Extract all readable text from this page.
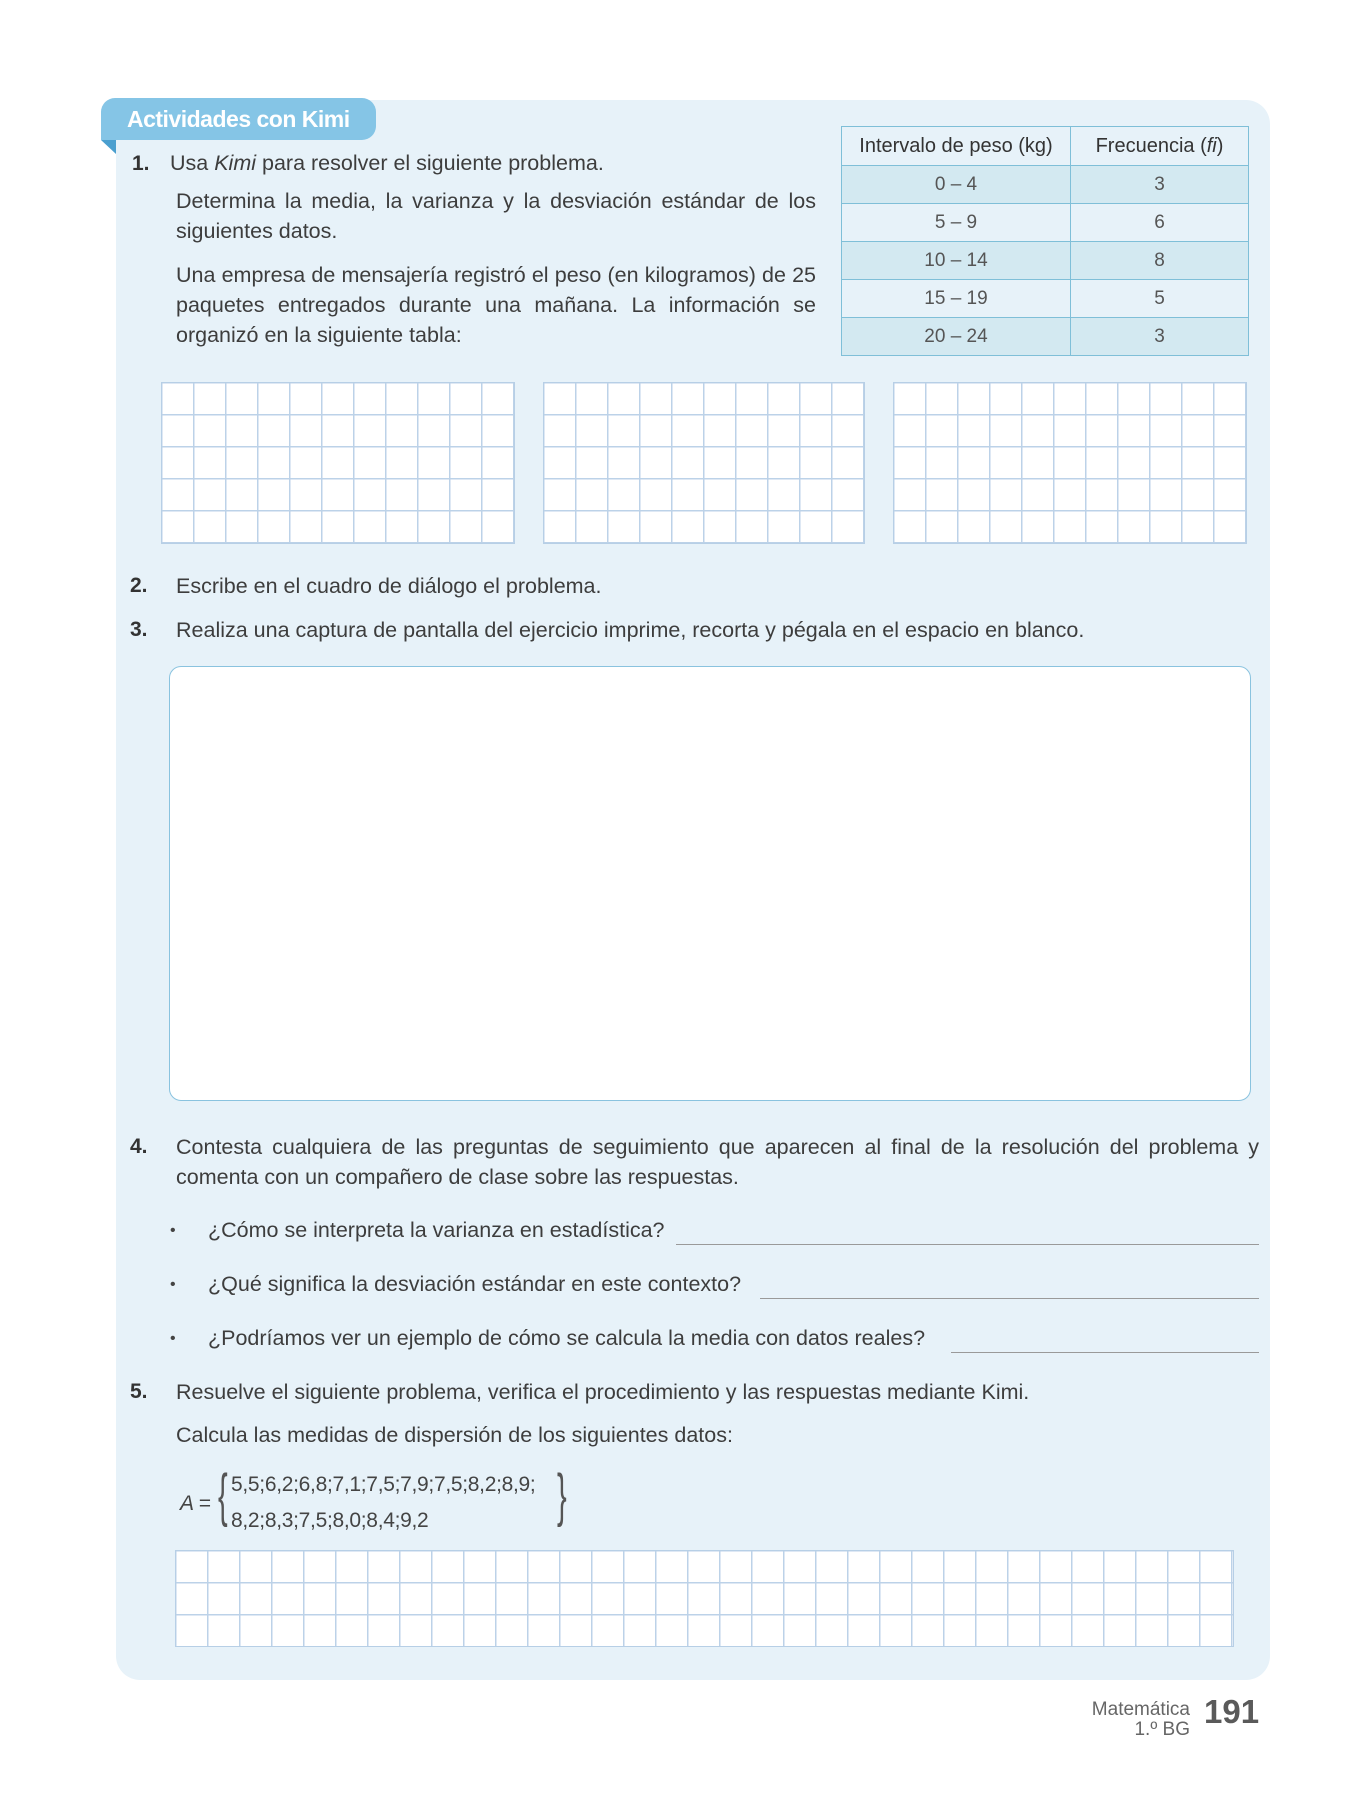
Actividades con Kimi
1. Usa Kimi para resolver el siguiente problema.
Determina la media, la varianza y la desviación estándar de los siguientes datos.
Una empresa de mensajería registró el peso (en kilogramos) de 25 paquetes entregados durante una mañana. La información se organizó en la siguiente tabla:
Intervalo de peso (kg)	Frecuencia (fi)
0 – 4	3
5 – 9	6
10 – 14	8
15 – 19	5
20 – 24	3
2. Escribe en el cuadro de diálogo el problema.
3. Realiza una captura de pantalla del ejercicio imprime, recorta y pégala en el espacio en blanco.
4. Contesta cualquiera de las preguntas de seguimiento que aparecen al final de la resolución del problema y comenta con un compañero de clase sobre las respuestas.
• ¿Cómo se interpreta la varianza en estadística?
• ¿Qué significa la desviación estándar en este contexto?
• ¿Podríamos ver un ejemplo de cómo se calcula la media con datos reales?
5. Resuelve el siguiente problema, verifica el procedimiento y las respuestas mediante Kimi.
Calcula las medidas de dispersión de los siguientes datos:
A = { 5,5;6,2;6,8;7,1;7,5;7,9;7,5;8,2;8,9;
8,2;8,3;7,5;8,0;8,4;9,2 }
Matemática
1.º BG 191
